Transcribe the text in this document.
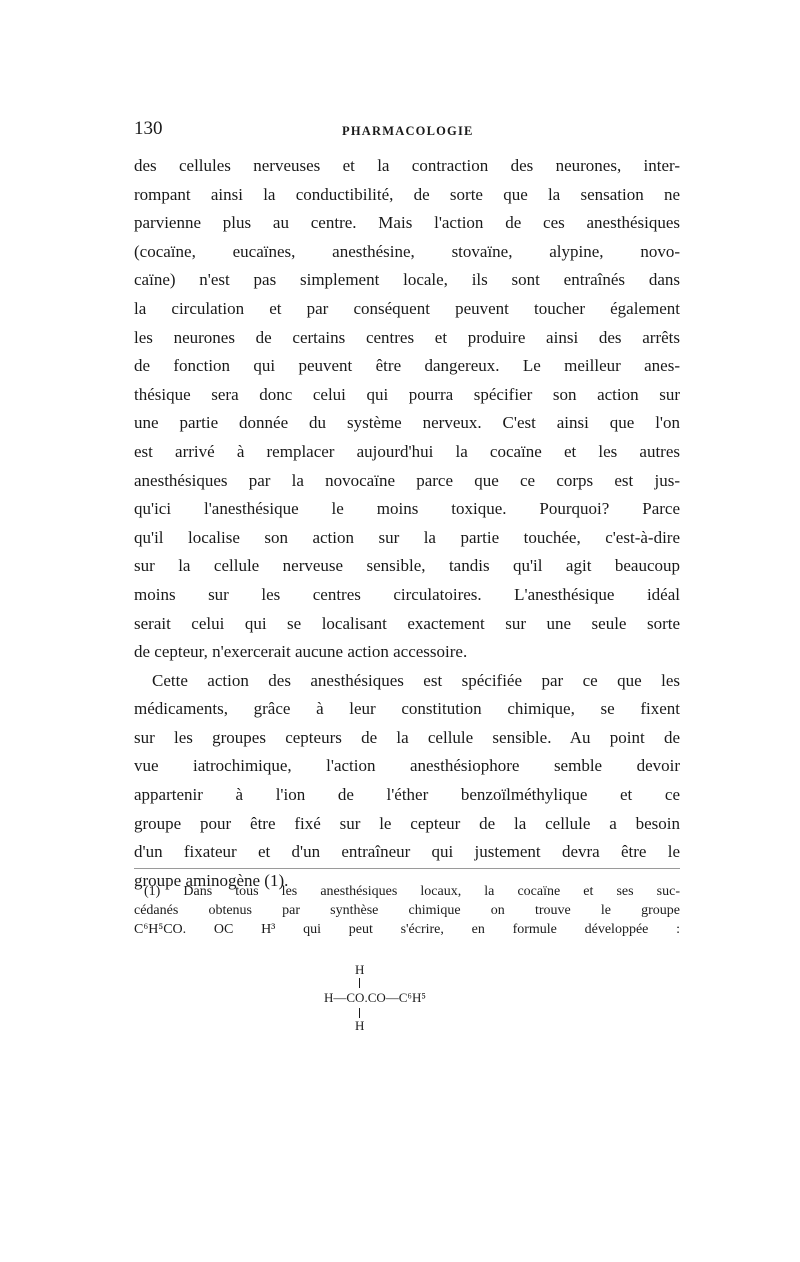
130	PHARMACOLOGIE
des cellules nerveuses et la contraction des neurones, inter-
rompant ainsi la conductibilité, de sorte que la sensation ne
parvienne plus au centre. Mais l'action de ces anesthésiques
(cocaïne, eucaïnes, anesthésine, stovaïne, alypine, novo-
caïne) n'est pas simplement locale, ils sont entraînés dans
la circulation et par conséquent peuvent toucher également
les neurones de certains centres et produire ainsi des arrêts
de fonction qui peuvent être dangereux. Le meilleur anes-
thésique sera donc celui qui pourra spécifier son action sur
une partie donnée du système nerveux. C'est ainsi que l'on
est arrivé à remplacer aujourd'hui la cocaïne et les autres
anesthésiques par la novocaïne parce que ce corps est jus-
qu'ici l'anesthésique le moins toxique. Pourquoi? Parce
qu'il localise son action sur la partie touchée, c'est-à-dire
sur la cellule nerveuse sensible, tandis qu'il agit beaucoup
moins sur les centres circulatoires. L'anesthésique idéal
serait celui qui se localisant exactement sur une seule sorte
de cepteur, n'exercerait aucune action accessoire.
Cette action des anesthésiques est spécifiée par ce que les
médicaments, grâce à leur constitution chimique, se fixent
sur les groupes cepteurs de la cellule sensible. Au point de
vue iatrochimique, l'action anesthésiophore semble devoir
appartenir à l'ion de l'éther benzoïlméthylique et ce
groupe pour être fixé sur le cepteur de la cellule a besoin
d'un fixateur et d'un entraîneur qui justement devra être le
groupe aminogène (1).
(1) Dans tous les anesthésiques locaux, la cocaïne et ses suc-
cédanés obtenus par synthèse chimique on trouve le groupe
C⁶H⁵CO. OC H³ qui peut s'écrire, en formule développée :
H
H—CO.CO—C⁶H⁵
H
